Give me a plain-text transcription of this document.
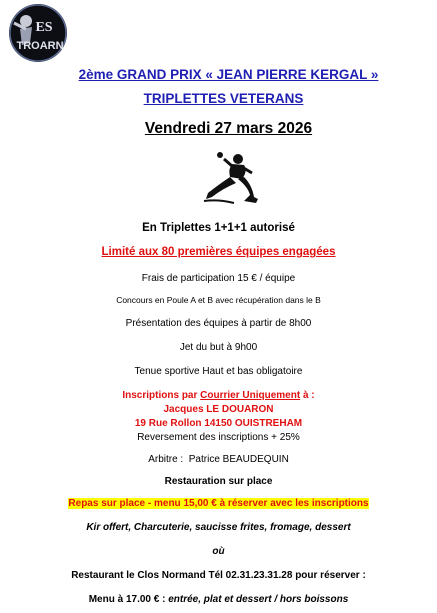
ES
TROARN
2ème GRAND PRIX « JEAN PIERRE KERGAL »
TRIPLETTES VETERANS
Vendredi 27 mars 2026
En Triplettes 1+1+1 autorisé
Limité aux 80 premières équipes engagées
Frais de participation 15 € / équipe
Concours en Poule A et B avec récupération dans le B
Présentation des équipes à partir de 8h00
Jet du but à 9h00
Tenue sportive Haut et bas obligatoire
Inscriptions par Courrier Uniquement à :
Jacques LE DOUARON
19 Rue Rollon 14150 OUISTREHAM
Reversement des inscriptions + 25%
Arbitre : Patrice BEAUDEQUIN
Restauration sur place
Repas sur place - menu 15,00 € à réserver avec les inscriptions
Kir offert, Charcuterie, saucisse frites, fromage, dessert
où
Restaurant le Clos Normand Tél 02.31.23.31.28 pour réserver :
Menu à 17.00 € : entrée, plat et dessert / hors boissons
